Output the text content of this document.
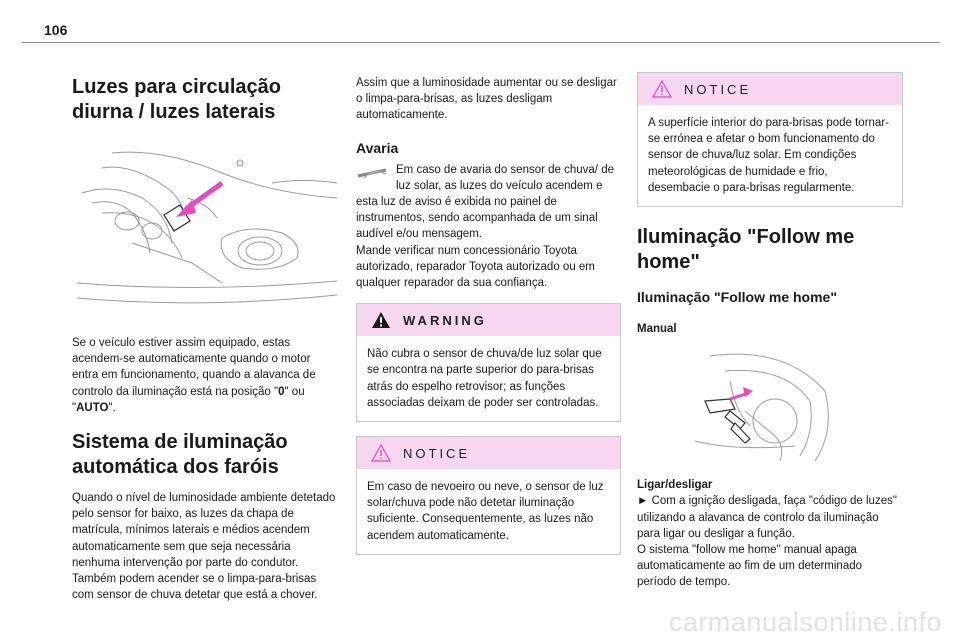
106
Luzes para circulação diurna / luzes laterais

Se o veículo estiver assim equipado, estas acendem-se automaticamente quando o motor entra em funcionamento, quando a alavanca de controlo da iluminação está na posição "0" ou "AUTO".

Sistema de iluminação automática dos faróis

Quando o nível de luminosidade ambiente detetado pelo sensor for baixo, as luzes da chapa de matrícula, mínimos laterais e médios acendem automaticamente sem que seja necessária nenhuma intervenção por parte do condutor. Também podem acender se o limpa-para-brisas com sensor de chuva detetar que está a chover.

Assim que a luminosidade aumentar ou se desligar o limpa-para-brisas, as luzes desligam automaticamente.

Avaria

Em caso de avaria do sensor de chuva/ de luz solar, as luzes do veículo acendem e esta luz de aviso é exibida no painel de instrumentos, sendo acompanhada de um sinal audível e/ou mensagem.
Mande verificar num concessionário Toyota autorizado, reparador Toyota autorizado ou em qualquer reparador da sua confiança.

WARNING

Não cubra o sensor de chuva/de luz solar que se encontra na parte superior do para-brisas atrás do espelho retrovisor; as funções associadas deixam de poder ser controladas.

NOTICE

Em caso de nevoeiro ou neve, o sensor de luz solar/chuva pode não detetar iluminação suficiente. Consequentemente, as luzes não acendem automaticamente.

NOTICE

A superfície interior do para-brisas pode tornar-se errónea e afetar o bom funcionamento do sensor de chuva/luz solar. Em condições meteorológicas de humidade e frio, desembacie o para-brisas regularmente.

Iluminação "Follow me home"
Iluminação "Follow me home"

Manual

Ligar/desligar

► Com a ignição desligada, faça "código de luzes" utilizando a alavanca de controlo da iluminação para ligar ou desligar a função.

O sistema "follow me home" manual apaga automaticamente ao fim de um determinado período de tempo.

carmanualsonline.info
